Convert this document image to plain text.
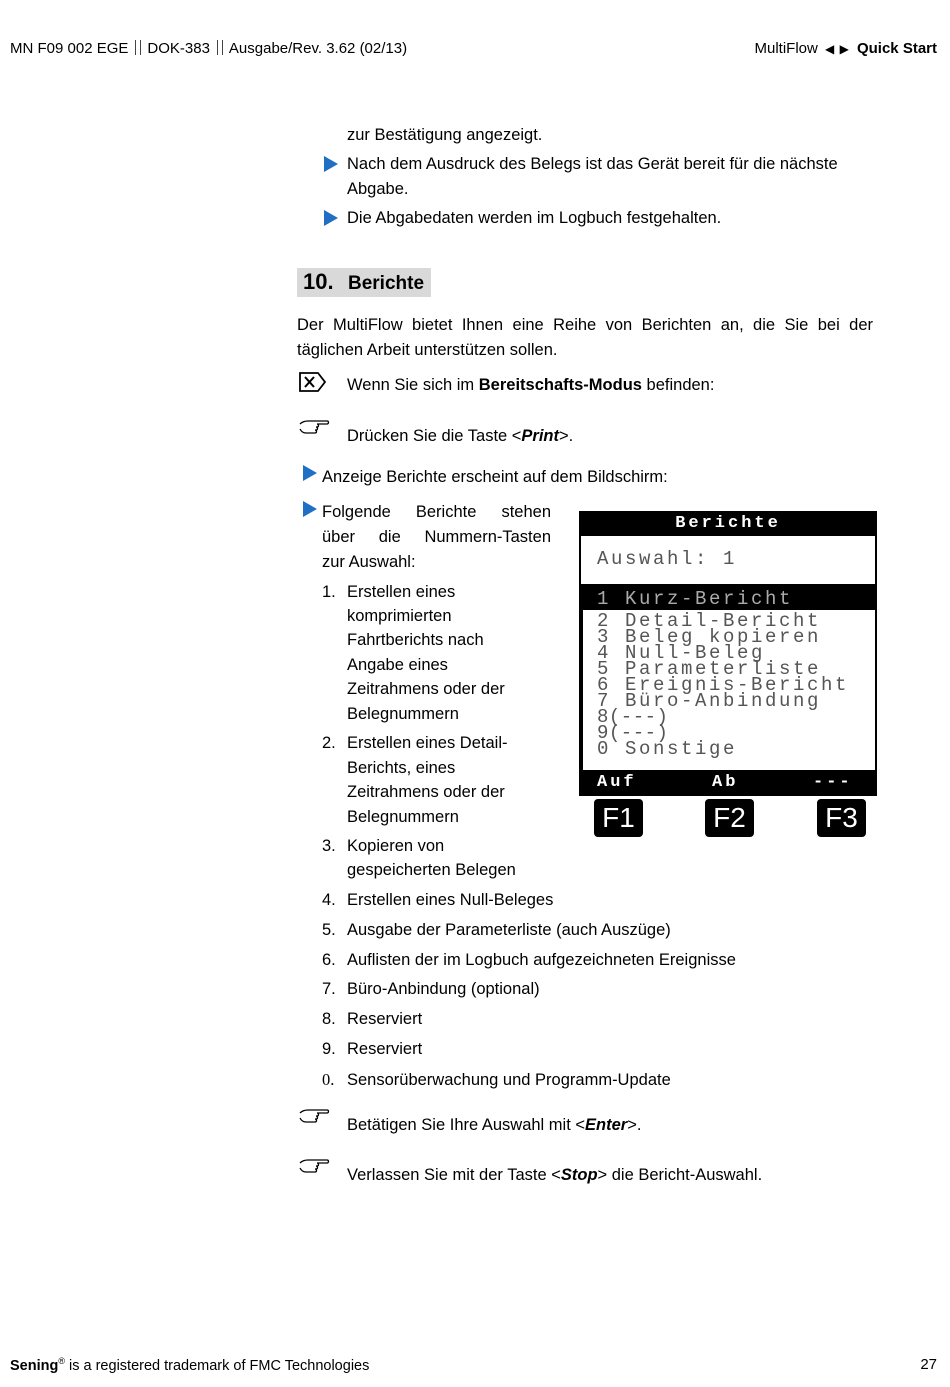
MN F09 002 EGE DOK-383 Ausgabe/Rev. 3.62 (02/13)	MultiFlow ◀ ▶ Quick Start
zur Bestätigung angezeigt.
Nach dem Ausdruck des Belegs ist das Gerät bereit für die nächste
Abgabe.
Die Abgabedaten werden im Logbuch festgehalten.
10. Berichte
Der MultiFlow bietet Ihnen eine Reihe von Berichten an, die Sie bei der
täglichen Arbeit unterstützen sollen.
Wenn Sie sich im Bereitschafts-Modus befinden:
Drücken Sie die Taste <Print>.
Anzeige Berichte erscheint auf dem Bildschirm:
Folgende Berichte stehen
über die Nummern-Tasten
zur Auswahl:
1. Erstellen eines
komprimierten
Fahrtberichts nach
Angabe eines
Zeitrahmens oder der
Belegnummern
2. Erstellen eines Detail-
Berichts, eines
Zeitrahmens oder der
Belegnummern
3. Kopieren von
gespeicherten Belegen
4. Erstellen eines Null-Beleges
5. Ausgabe der Parameterliste (auch Auszüge)
6. Auflisten der im Logbuch aufgezeichneten Ereignisse
7. Büro-Anbindung (optional)
8. Reserviert
9. Reserviert
0. Sensorüberwachung und Programm-Update
Berichte
Auswahl: 1
1 Kurz-Bericht
2 Detail-Bericht
3 Beleg kopieren
4 Null-Beleg
5 Parameterliste
6 Ereignis-Bericht
7 Büro-Anbindung
8(---)
9(---)
0 Sonstige
Auf	Ab	---
F1	F2	F3
Betätigen Sie Ihre Auswahl mit <Enter>.
Verlassen Sie mit der Taste <Stop> die Bericht-Auswahl.
Sening® is a registered trademark of FMC Technologies	27
